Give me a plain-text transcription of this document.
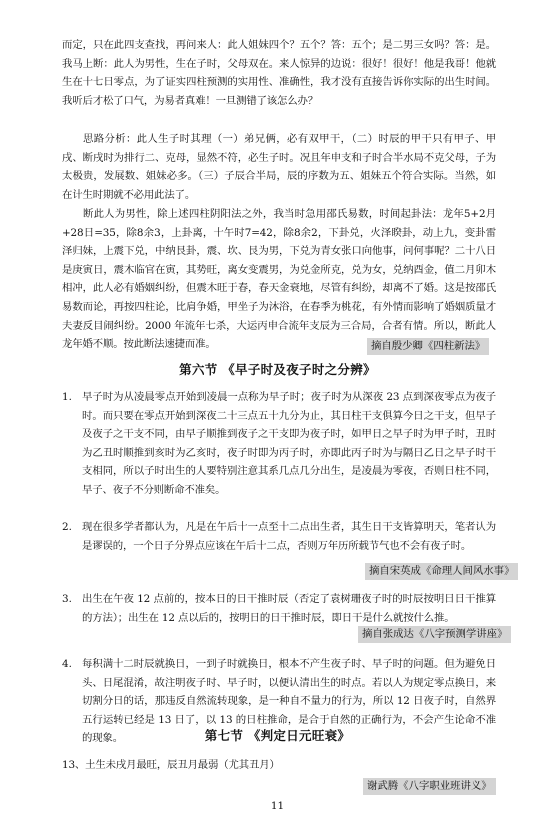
而定，只在此四支查找，再问来人：此人姐妹四个？五个？答：五个；是二男三女吗？答：是。我马上断：此人为男性，生在子时，父母双在。来人惊异的边说：很好！很好！他是我哥！他就生在十七日零点，为了证实四柱预测的实用性、准确性，我才没有直接告诉你实际的出生时间。我听后才松了口气，为易者真难！一旦测错了该怎么办？

思路分析：此人生子时其理（一）弟兄俩，必有双甲干，（二）时辰的甲干只有甲子、甲戌、断戌时为排行二、克母，显然不符，必生子时。况且年申支和子时合半水局不克父母，子为太极贵，发展数、姐妹必多。（三）子辰合半局，辰的序数为五、姐妹五个符合实际。当然，如在计生时期就不必用此法了。

断此人为男性，除上述四柱阴阳法之外，我当时急用邵氏易数，时间起卦法：龙年5+2月+28日=35，除8余3，上卦离，十午时7=42，除8余2，下卦兑，火泽睽卦，动上九，变卦雷泽归妹，上震下兑，中纳艮卦，震、坎、艮为男，下兑为青女张口向他事，问何事呢？二十八日是庚寅日，震木临官在寅，其势旺，离女变震男，为兑金所克，兑为女，兑纳酉金，值二月卯木相冲，此人必有婚姻纠纷，但震木旺于春，春天金衰地，尽管有纠纷，却离不了婚。这是按邵氏易数而论，再按四柱论，比肩争婚，甲坐子为沐浴，在春季为桃花，有外情而影响了婚姻质量才夫妻反目闹纠纷。2000 年流年七杀，大运丙申合流年支辰为三合局，合者有情。所以，断此人龙年婚不顺。按此断法速捷而准。	摘自殷少卿《四柱新法》
第六节 《早子时及夜子时之分辨》
1. 早子时为从凌晨零点开始到凌晨一点称为早子时；夜子时为从深夜 23 点到深夜零点为夜子时。而只要在零点开始到深夜二十三点五十九分为止，其日柱干支俱算今日之干支，但早子及夜子之干支不同，由早子顺推到夜子之干支即为夜子时，如甲日之早子时为甲子时，丑时为乙丑时顺推到亥时为乙亥时，夜子时即为丙子时，亦即此丙子时为与隔日乙日之早子时干支相同，所以子时出生的人要特别注意其系几点几分出生，是凌晨为零夜，否则日柱不同，早子、夜子不分则断命不准矣。
2. 现在很多学者都认为，凡是在午后十一点至十二点出生者，其生日干支皆算明天，笔者认为是谬误的，一个日子分界点应该在午后十二点，否则万年历所载节气也不会有夜子时。
摘自宋英成《命理人间风水事》
3. 出生在午夜 12 点前的，按本日的日干推时辰（否定了袁树珊夜子时的时辰按明日日干推算的方法）；出生在 12 点以后的，按明日的日干推时辰，即日干是什么就按什么推。
摘自张成达《八字预测学讲座》
4. 每积满十二时辰就换日，一到子时就换日，根本不产生夜子时、早子时的问题。但为避免日头、日尾混淆，故注明夜子时、早子时，以便认清出生的时点。若以人为规定零点换日，来切割分日的话，那违反自然流转现象，是一种自不量力的行为，所以 12 日夜子时，自然界五行运转已经是 13 日了，以 13 的日柱推命，是合于自然的正确行为，不会产生论命不准的现象。	第七节 《判定日元旺衰》

13、土生未戌月最旺，辰丑月最弱（尤其丑月）

谢武腾《八字职业班讲义》
11
